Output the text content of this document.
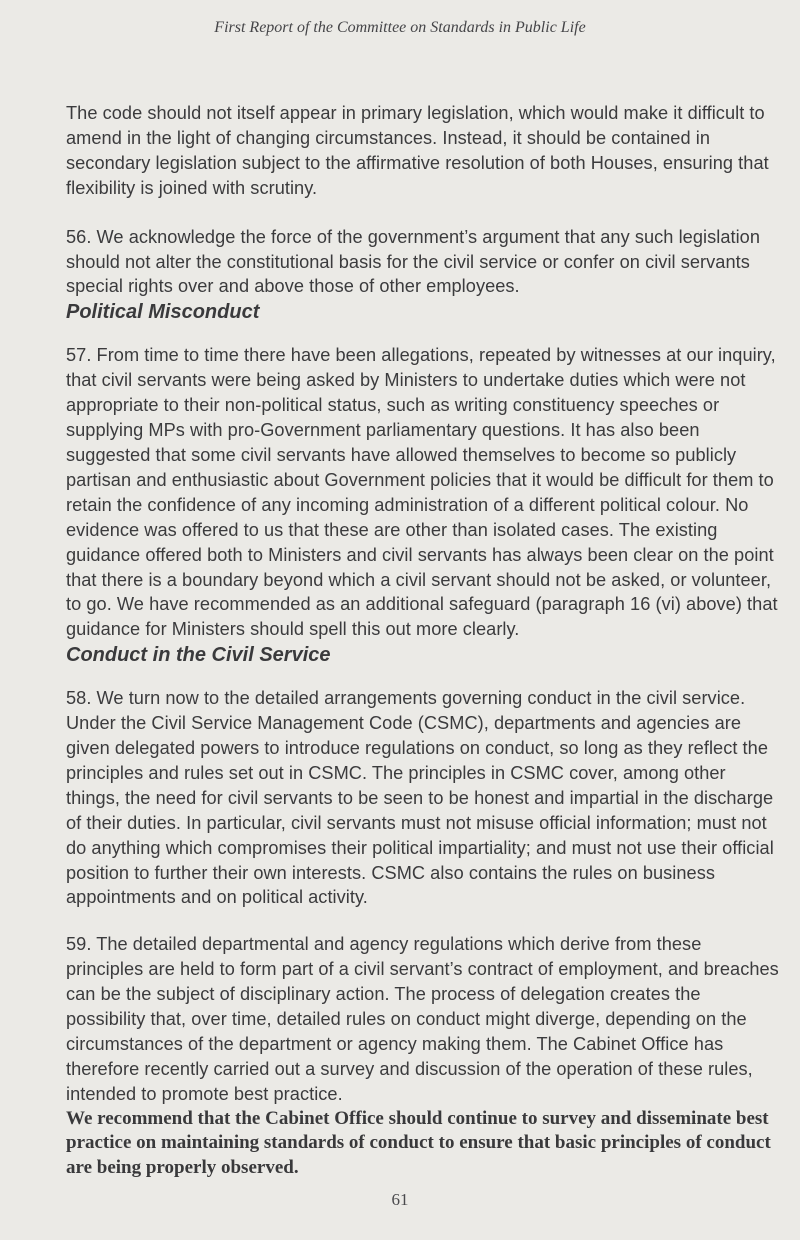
First Report of the Committee on Standards in Public Life

The code should not itself appear in primary legislation, which would make it difficult to amend in the light of changing circumstances. Instead, it should be contained in secondary legislation subject to the affirmative resolution of both Houses, ensuring that flexibility is joined with scrutiny.

56. We acknowledge the force of the government’s argument that any such legislation should not alter the constitutional basis for the civil service or confer on civil servants special rights over and above those of other employees.

Political Misconduct

57. From time to time there have been allegations, repeated by witnesses at our inquiry, that civil servants were being asked by Ministers to undertake duties which were not appropriate to their non-political status, such as writing constituency speeches or supplying MPs with pro-Government parliamentary questions. It has also been suggested that some civil servants have allowed themselves to become so publicly partisan and enthusiastic about Government policies that it would be difficult for them to retain the confidence of any incoming administration of a different political colour. No evidence was offered to us that these are other than isolated cases. The existing guidance offered both to Ministers and civil servants has always been clear on the point that there is a boundary beyond which a civil servant should not be asked, or volunteer, to go. We have recommended as an additional safeguard (paragraph 16 (vi) above) that guidance for Ministers should spell this out more clearly.

Conduct in the Civil Service

58. We turn now to the detailed arrangements governing conduct in the civil service. Under the Civil Service Management Code (CSMC), departments and agencies are given delegated powers to introduce regulations on conduct, so long as they reflect the principles and rules set out in CSMC. The principles in CSMC cover, among other things, the need for civil servants to be seen to be honest and impartial in the discharge of their duties. In particular, civil servants must not misuse official information; must not do anything which compromises their political impartiality; and must not use their official position to further their own interests. CSMC also contains the rules on business appointments and on political activity.

59. The detailed departmental and agency regulations which derive from these principles are held to form part of a civil servant’s contract of employment, and breaches can be the subject of disciplinary action. The process of delegation creates the possibility that, over time, detailed rules on conduct might diverge, depending on the circumstances of the department or agency making them. The Cabinet Office has therefore recently carried out a survey and discussion of the operation of these rules, intended to promote best practice.

We recommend that the Cabinet Office should continue to survey and disseminate best practice on maintaining standards of conduct to ensure that basic principles of conduct are being properly observed.

61
